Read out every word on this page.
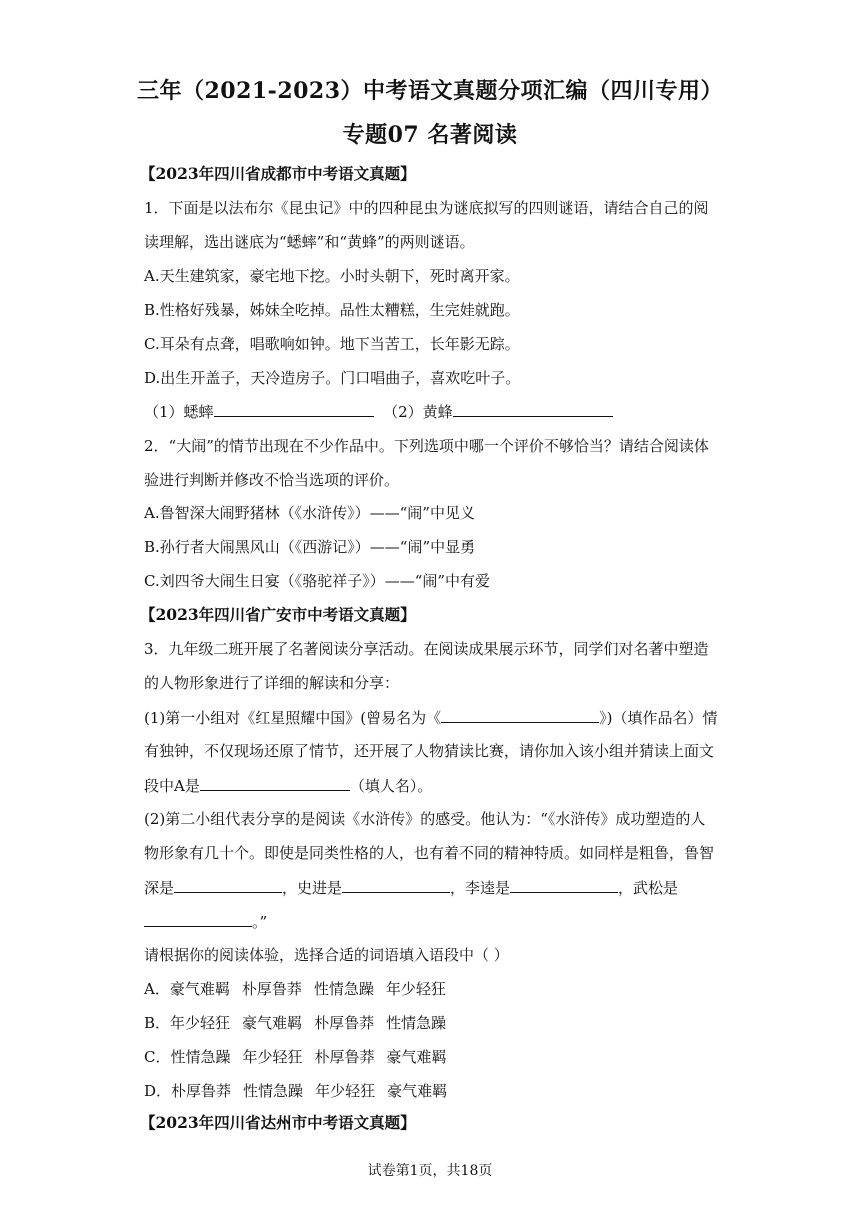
三年（2021-2023）中考语文真题分项汇编（四川专用）
专题07 名著阅读
【2023年四川省成都市中考语文真题】
1．下面是以法布尔《昆虫记》中的四种昆虫为谜底拟写的四则谜语，请结合自己的阅
读理解，选出谜底为“蟋蟀”和“黄蜂”的两则谜语。
A.天生建筑家，豪宅地下挖。小时头朝下，死时离开家。
B.性格好残暴，姊妹全吃掉。品性太糟糕，生完娃就跑。
C.耳朵有点聋，唱歌响如钟。地下当苦工，长年影无踪。
D.出生开盖子，天冷造房子。门口唱曲子，喜欢吃叶子。
（1）蟋蟀	（2）黄蜂
2．“大闹”的情节出现在不少作品中。下列选项中哪一个评价不够恰当？请结合阅读体
验进行判断并修改不恰当选项的评价。
A.鲁智深大闹野猪林（《水浒传》）——“闹”中见义
B.孙行者大闹黑风山（《西游记》）——“闹”中显勇
C.刘四爷大闹生日宴（《骆驼祥子》）——“闹”中有爱
【2023年四川省广安市中考语文真题】
3．九年级二班开展了名著阅读分享活动。在阅读成果展示环节，同学们对名著中塑造
的人物形象进行了详细的解读和分享：
(1)第一小组对《红星照耀中国》(曾易名为《	》)（填作品名）情
有独钟，不仅现场还原了情节，还开展了人物猜读比赛，请你加入该小组并猜读上面文
段中A是	（填人名）。
(2)第二小组代表分享的是阅读《水浒传》的感受。他认为：“《水浒传》成功塑造的人
物形象有几十个。即使是同类性格的人，也有着不同的精神特质。如同样是粗鲁，鲁智
深是	，史进是	，李逵是	，武松是
。”
请根据你的阅读体验，选择合适的词语填入语段中（ ）
A．豪气难羁 朴厚鲁莽 性情急躁 年少轻狂
B．年少轻狂 豪气难羁 朴厚鲁莽 性情急躁
C．性情急躁 年少轻狂 朴厚鲁莽 豪气难羁
D．朴厚鲁莽 性情急躁 年少轻狂 豪气难羁
【2023年四川省达州市中考语文真题】
试卷第1页，共18页
